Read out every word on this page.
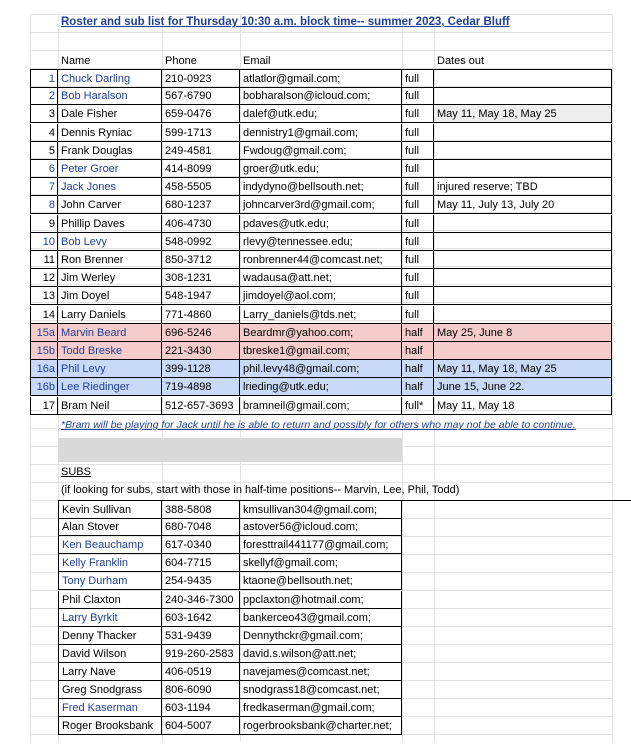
Roster and sub list for Thursday 10:30 a.m. block time-- summer 2023, Cedar Bluff
Name	Phone	Email	Dates out
1 Chuck Darling	210-0923	atlatlor@gmail.com;	full
2 Bob Haralson	567-6790	bobharalson@icloud.com;	full
3 Dale Fisher	659-0476	dalef@utk.edu;	full	May 11, May 18, May 25
4 Dennis Ryniac	599-1713	dennistry1@gmail.com;	full
5 Frank Douglas	249-4581	Fwdoug@gmail.com;	full
6 Peter Groer	414-8099	groer@utk.edu;	full
7 Jack Jones	458-5505	indydyno@bellsouth.net;	full	injured reserve; TBD
8 John Carver	680-1237	johncarver3rd@gmail.com;	full	May 11, July 13, July 20
9 Phillip Daves	406-4730	pdaves@utk.edu;	full
10 Bob Levy	548-0992	rlevy@tennessee.edu;	full
11 Ron Brenner	850-3712	ronbrenner44@comcast.net;	full
12 Jim Werley	308-1231	wadausa@att.net;	full
13 Jim Doyel	548-1947	jimdoyel@aol.com;	full
14 Larry Daniels	771-4860	Larry_daniels@tds.net;	full
15a Marvin Beard	696-5246	Beardmr@yahoo.com;	half	May 25, June 8
15b Todd Breske	221-3430	tbreske1@gmail.com;	half
16a Phil Levy	399-1128	phil.levy48@gmail.com;	half	May 11, May 18, May 25
16b Lee Riedinger	719-4898	lrieding@utk.edu;	half	June 15, June 22.
17 Bram Neil	512-657-3693 bramneil@gmail.com;	full*	May 11, May 18
*Bram will be playing for Jack until he is able to return and possibly for others who may not be able to continue.
SUBS
(if looking for subs, start with those in half-time positions-- Marvin, Lee, Phil, Todd)
Kevin Sullivan	388-5808	kmsullivan304@gmail.com;
Alan Stover	680-7048	astover56@icloud.com;
Ken Beauchamp	617-0340	foresttrail441177@gmail.com;
Kelly Franklin	604-7715	skellyf@gmail.com;
Tony Durham	254-9435	ktaone@bellsouth.net;
Phil Claxton	240-346-7300 ppclaxton@hotmail.com;
Larry Byrkit	603-1642	bankerceo43@gmail.com;
Denny Thacker	531-9439	Dennythckr@gmail.com;
David Wilson	919-260-2583 david.s.wilson@att.net;
Larry Nave	406-0519	navejames@comcast.net;
Greg Snodgrass	806-6090	snodgrass18@comcast.net;
Fred Kaserman	603-1194	fredkaserman@gmail.com;
Roger Brooksbank	604-5007	rogerbrooksbank@charter.net;
